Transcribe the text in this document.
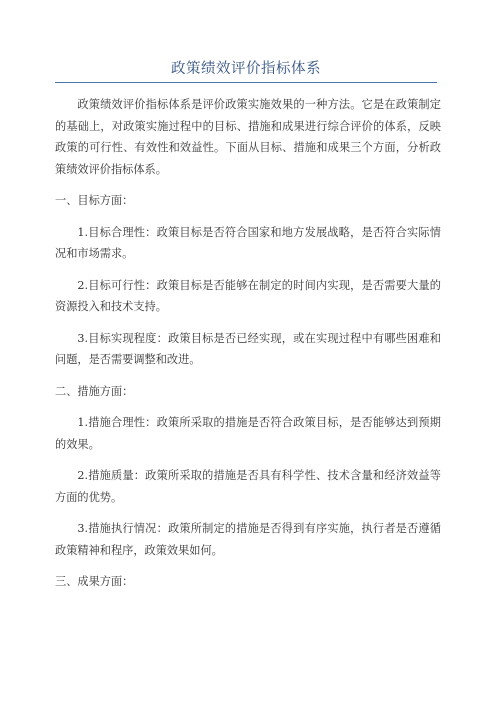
政策绩效评价指标体系

政策绩效评价指标体系是评价政策实施效果的一种方法。它是在政策制定的基础上，对政策实施过程中的目标、措施和成果进行综合评价的体系，反映政策的可行性、有效性和效益性。下面从目标、措施和成果三个方面，分析政策绩效评价指标体系。

一、目标方面：

1.目标合理性：政策目标是否符合国家和地方发展战略，是否符合实际情况和市场需求。

2.目标可行性：政策目标是否能够在制定的时间内实现，是否需要大量的资源投入和技术支持。

3.目标实现程度：政策目标是否已经实现，或在实现过程中有哪些困难和问题，是否需要调整和改进。

二、措施方面：

1.措施合理性：政策所采取的措施是否符合政策目标，是否能够达到预期的效果。

2.措施质量：政策所采取的措施是否具有科学性、技术含量和经济效益等方面的优势。

3.措施执行情况：政策所制定的措施是否得到有序实施，执行者是否遵循政策精神和程序，政策效果如何。

三、成果方面：
